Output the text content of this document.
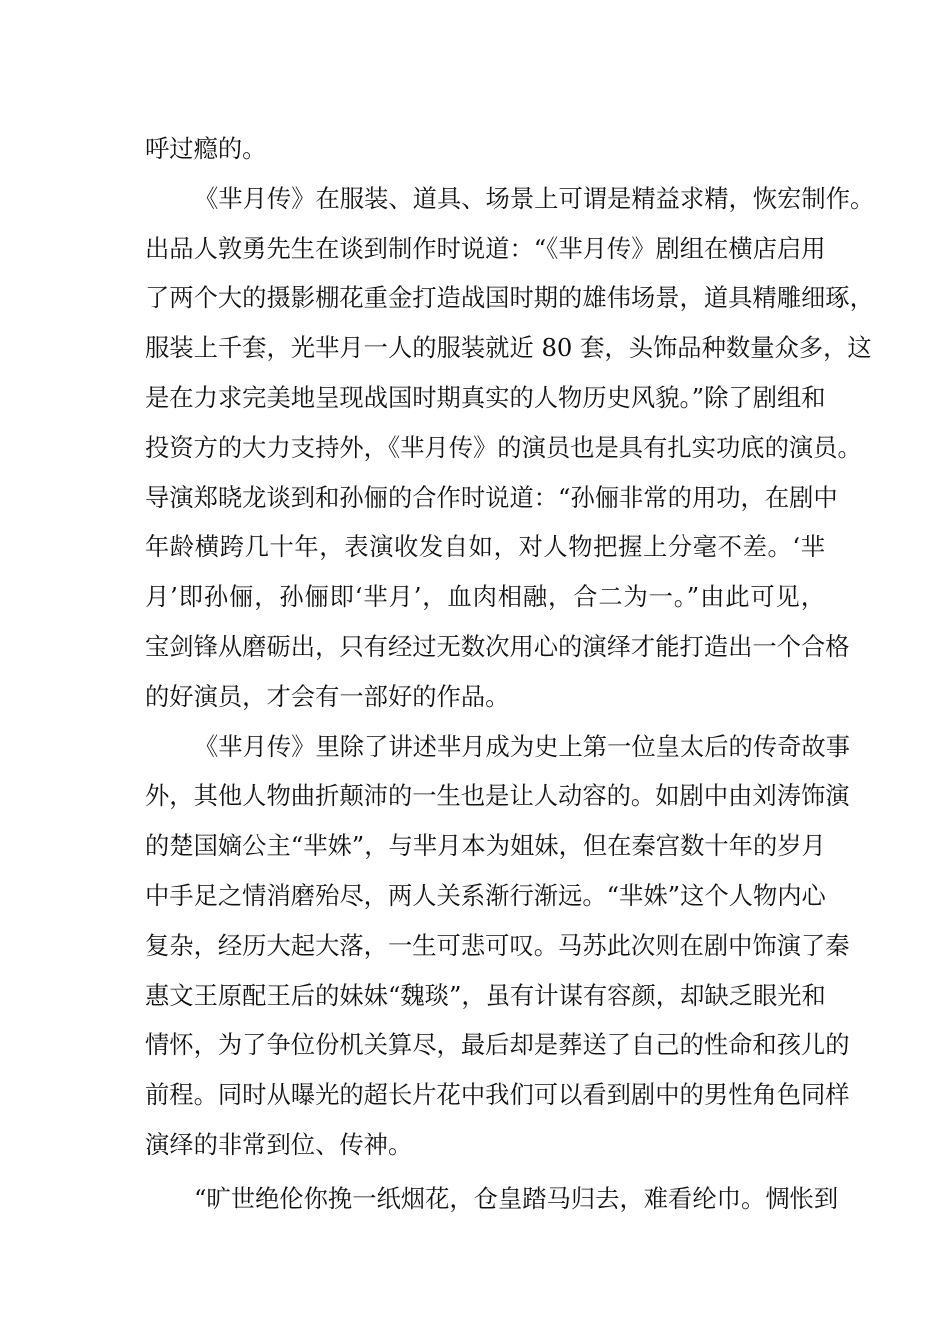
呼过瘾的。
《芈月传》在服装、道具、场景上可谓是精益求精，恢宏制作。
出品人敦勇先生在谈到制作时说道：“《芈月传》剧组在横店启用
了两个大的摄影棚花重金打造战国时期的雄伟场景，道具精雕细琢，
服装上千套，光芈月一人的服装就近 80 套，头饰品种数量众多，这
是在力求完美地呈现战国时期真实的人物历史风貌。”除了剧组和
投资方的大力支持外，《芈月传》的演员也是具有扎实功底的演员。
导演郑晓龙谈到和孙俪的合作时说道：“孙俪非常的用功，在剧中
年龄横跨几十年，表演收发自如，对人物把握上分毫不差。‘芈
月’即孙俪，孙俪即‘芈月’，血肉相融，合二为一。”由此可见，
宝剑锋从磨砺出，只有经过无数次用心的演绎才能打造出一个合格
的好演员，才会有一部好的作品。
《芈月传》里除了讲述芈月成为史上第一位皇太后的传奇故事
外，其他人物曲折颠沛的一生也是让人动容的。如剧中由刘涛饰演
的楚国嫡公主“芈姝”，与芈月本为姐妹，但在秦宫数十年的岁月
中手足之情消磨殆尽，两人关系渐行渐远。“芈姝”这个人物内心
复杂，经历大起大落，一生可悲可叹。马苏此次则在剧中饰演了秦
惠文王原配王后的妹妹“魏琰”，虽有计谋有容颜，却缺乏眼光和
情怀，为了争位份机关算尽，最后却是葬送了自己的性命和孩儿的
前程。同时从曝光的超长片花中我们可以看到剧中的男性角色同样
演绎的非常到位、传神。
“旷世绝伦你挽一纸烟花，仓皇踏马归去，难看纶巾。惆怅到
